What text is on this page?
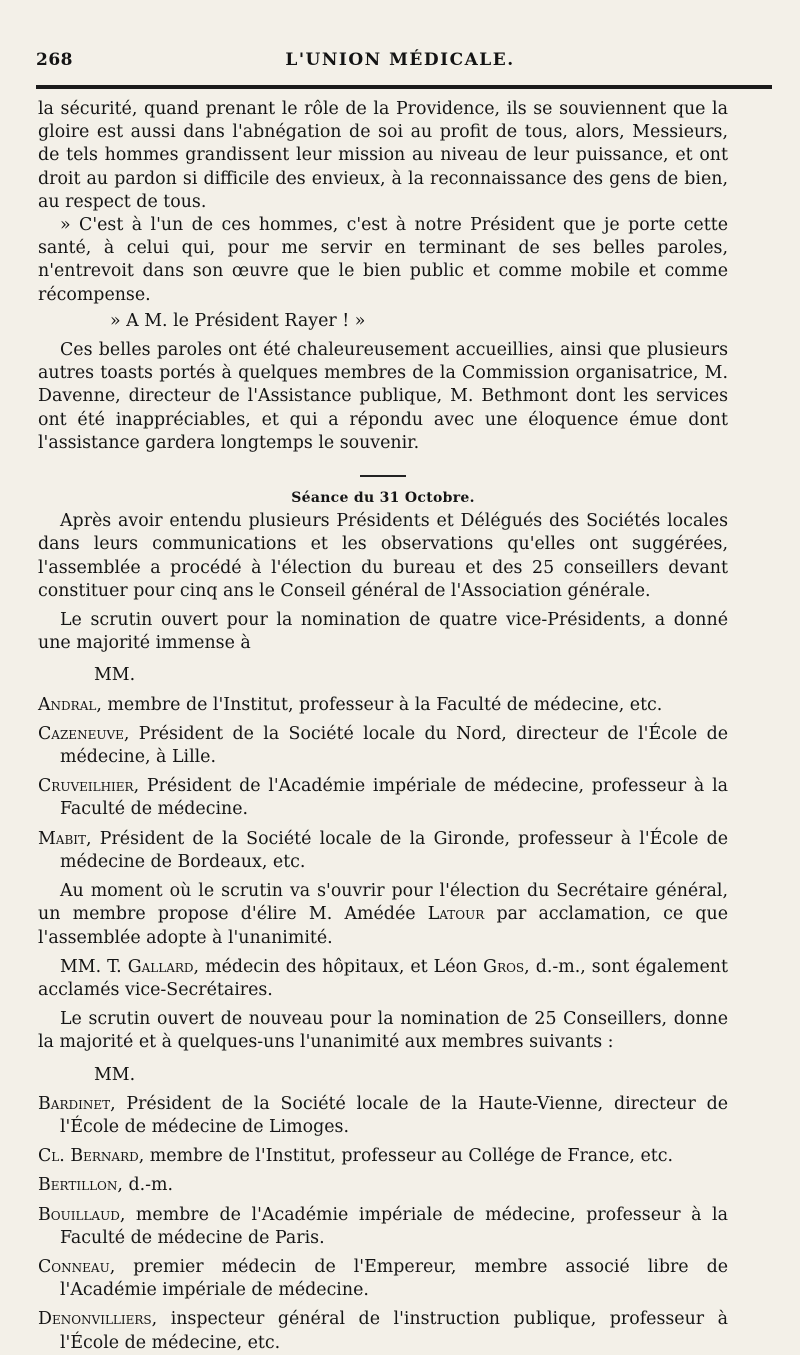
268	L'UNION MÉDICALE.

la sécurité, quand prenant le rôle de la Providence, ils se souviennent que la gloire est aussi dans l'abnégation de soi au profit de tous, alors, Messieurs, de tels hommes grandissent leur mission au niveau de leur puissance, et ont droit au pardon si difficile des envieux, à la reconnaissance des gens de bien, au respect de tous.

» C'est à l'un de ces hommes, c'est à notre Président que je porte cette santé, à celui qui, pour me servir en terminant de ses belles paroles, n'entrevoit dans son œuvre que le bien public et comme mobile et comme récompense.

» A M. le Président Rayer ! »

Ces belles paroles ont été chaleureusement accueillies, ainsi que plusieurs autres toasts portés à quelques membres de la Commission organisatrice, M. Davenne, directeur de l'Assistance publique, M. Bethmont dont les services ont été inappréciables, et qui a répondu avec une éloquence émue dont l'assistance gardera longtemps le souvenir.

Séance du 31 Octobre.

Après avoir entendu plusieurs Présidents et Délégués des Sociétés locales dans leurs communications et les observations qu'elles ont suggérées, l'assemblée a procédé à l'élection du bureau et des 25 conseillers devant constituer pour cinq ans le Conseil général de l'Association générale.

Le scrutin ouvert pour la nomination de quatre vice-Présidents, a donné une majorité immense à

MM.

Andral, membre de l'Institut, professeur à la Faculté de médecine, etc.

Cazeneuve, Président de la Société locale du Nord, directeur de l'École de médecine, à Lille.

Cruveilhier, Président de l'Académie impériale de médecine, professeur à la Faculté de médecine.

Mabit, Président de la Société locale de la Gironde, professeur à l'École de médecine de Bordeaux, etc.

Au moment où le scrutin va s'ouvrir pour l'élection du Secrétaire général, un membre propose d'élire M. Amédée Latour par acclamation, ce que l'assemblée adopte à l'unanimité.

MM. T. Gallard, médecin des hôpitaux, et Léon Gros, d.-m., sont également acclamés vice-Secrétaires.

Le scrutin ouvert de nouveau pour la nomination de 25 Conseillers, donne la majorité et à quelques-uns l'unanimité aux membres suivants :

MM.

Bardinet, Président de la Société locale de la Haute-Vienne, directeur de l'École de médecine de Limoges.

Cl. Bernard, membre de l'Institut, professeur au Collége de France, etc.

Bertillon, d.-m.

Bouillaud, membre de l'Académie impériale de médecine, professeur à la Faculté de médecine de Paris.

Conneau, premier médecin de l'Empereur, membre associé libre de l'Académie impériale de médecine.

Denonvilliers, inspecteur général de l'instruction publique, professeur à l'École de médecine, etc.
